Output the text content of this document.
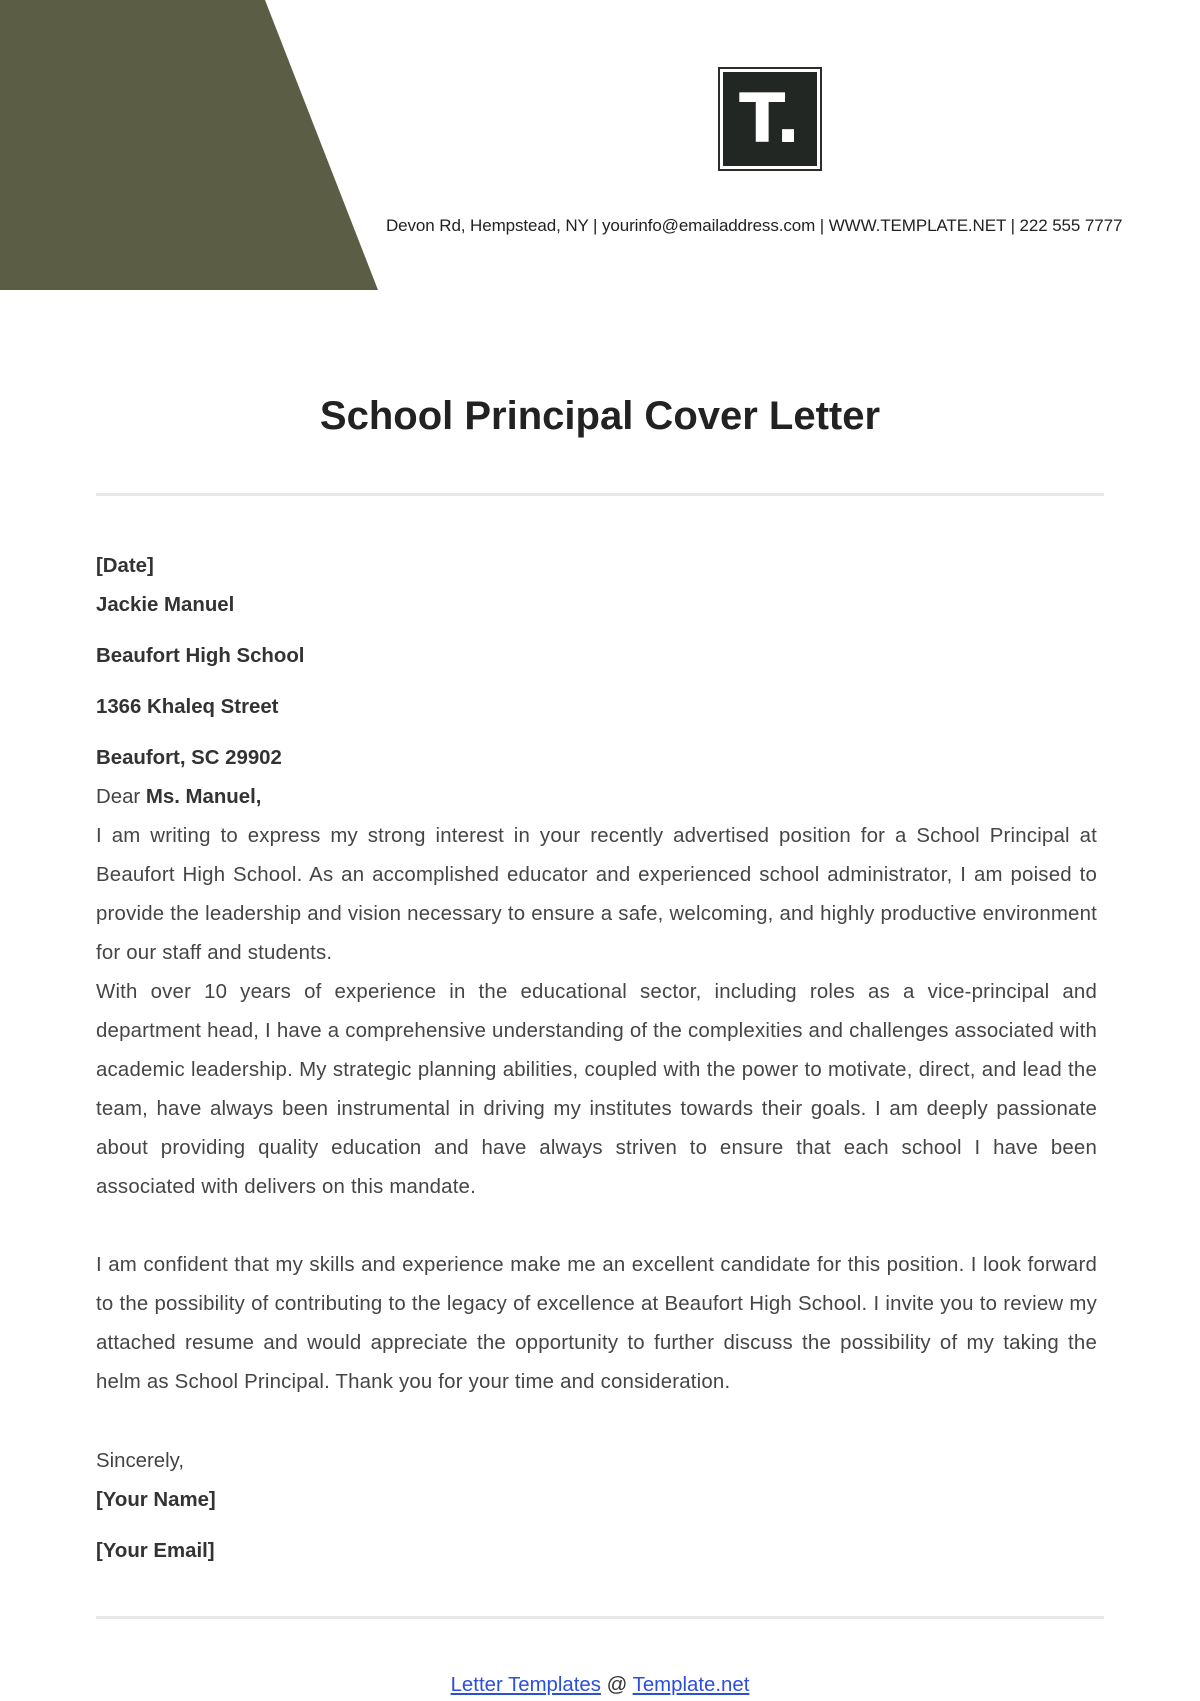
T.
Devon Rd, Hempstead, NY | yourinfo@emailaddress.com | WWW.TEMPLATE.NET | 222 555 7777
School Principal Cover Letter
[Date]
Jackie Manuel
Beaufort High School
1366 Khaleq Street
Beaufort, SC 29902
Dear Ms. Manuel,

I am writing to express my strong interest in your recently advertised position for a School Principal at Beaufort High School. As an accomplished educator and experienced school administrator, I am poised to provide the leadership and vision necessary to ensure a safe, welcoming, and highly productive environment for our staff and students.

With over 10 years of experience in the educational sector, including roles as a vice-principal and department head, I have a comprehensive understanding of the complexities and challenges associated with academic leadership. My strategic planning abilities, coupled with the power to motivate, direct, and lead the team, have always been instrumental in driving my institutes towards their goals. I am deeply passionate about providing quality education and have always striven to ensure that each school I have been associated with delivers on this mandate.

I am confident that my skills and experience make me an excellent candidate for this position. I look forward to the possibility of contributing to the legacy of excellence at Beaufort High School. I invite you to review my attached resume and would appreciate the opportunity to further discuss the possibility of my taking the helm as School Principal. Thank you for your time and consideration.

Sincerely,
[Your Name]
[Your Email]
Letter Templates @ Template.net
